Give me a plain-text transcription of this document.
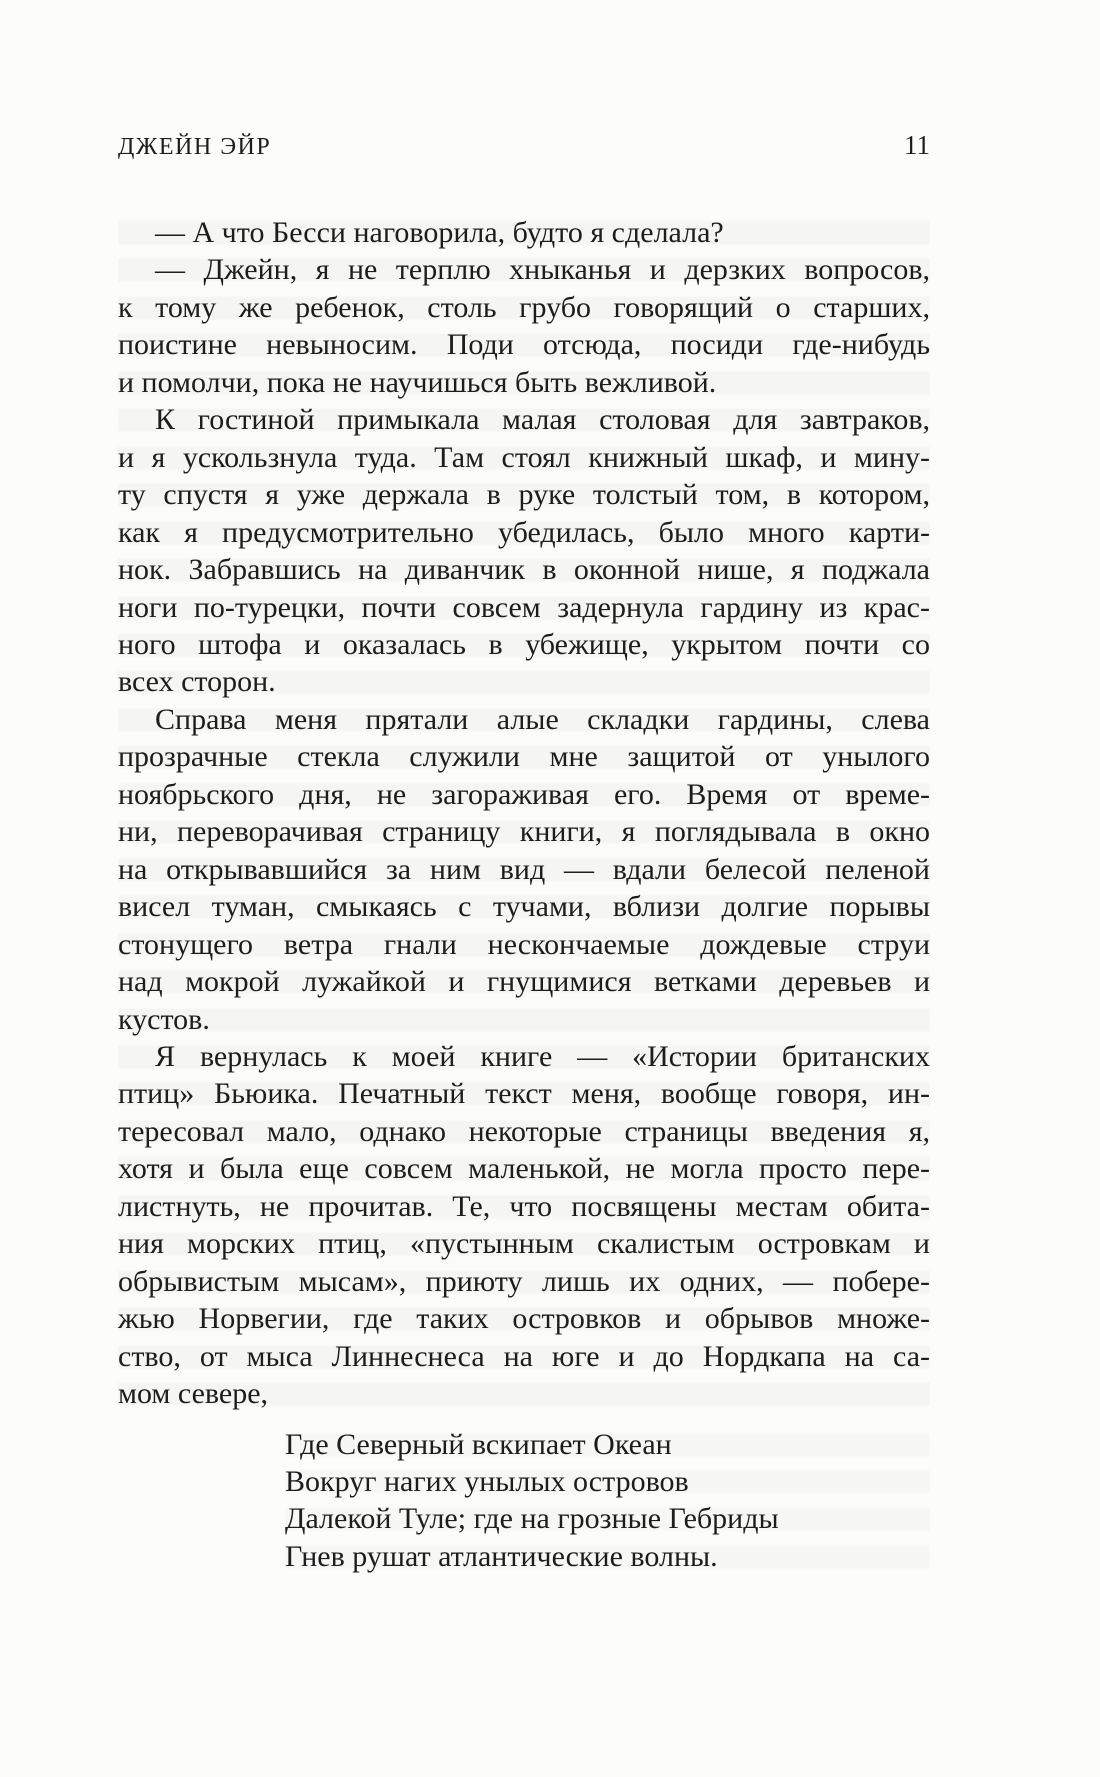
ДЖЕЙН ЭЙР	11
— А что Бесси наговорила, будто я сделала?
— Джейн, я не терплю хныканья и дерзких вопросов,
к тому же ребенок, столь грубо говорящий о старших,
поистине невыносим. Поди отсюда, посиди где-нибудь
и помолчи, пока не научишься быть вежливой.
К гостиной примыкала малая столовая для завтраков,
и я ускользнула туда. Там стоял книжный шкаф, и мину-
ту спустя я уже держала в руке толстый том, в котором,
как я предусмотрительно убедилась, было много карти-
нок. Забравшись на диванчик в оконной нише, я поджала
ноги по-турецки, почти совсем задернула гардину из крас-
ного штофа и оказалась в убежище, укрытом почти со
всех сторон.
Справа меня прятали алые складки гардины, слева
прозрачные стекла служили мне защитой от унылого
ноябрьского дня, не загораживая его. Время от време-
ни, переворачивая страницу книги, я поглядывала в окно
на открывавшийся за ним вид — вдали белесой пеленой
висел туман, смыкаясь с тучами, вблизи долгие порывы
стонущего ветра гнали нескончаемые дождевые струи
над мокрой лужайкой и гнущимися ветками деревьев и
кустов.
Я вернулась к моей книге — «Истории британских
птиц» Бьюика. Печатный текст меня, вообще говоря, ин-
тересовал мало, однако некоторые страницы введения я,
хотя и была еще совсем маленькой, не могла просто пере-
листнуть, не прочитав. Те, что посвящены местам обита-
ния морских птиц, «пустынным скалистым островкам и
обрывистым мысам», приюту лишь их одних, — побере-
жью Норвегии, где таких островков и обрывов множе-
ство, от мыса Линнеснеса на юге и до Нордкапа на са-
мом севере,
Где Северный вскипает Океан
Вокруг нагих унылых островов
Далекой Туле; где на грозные Гебриды
Гнев рушат атлантические волны.
